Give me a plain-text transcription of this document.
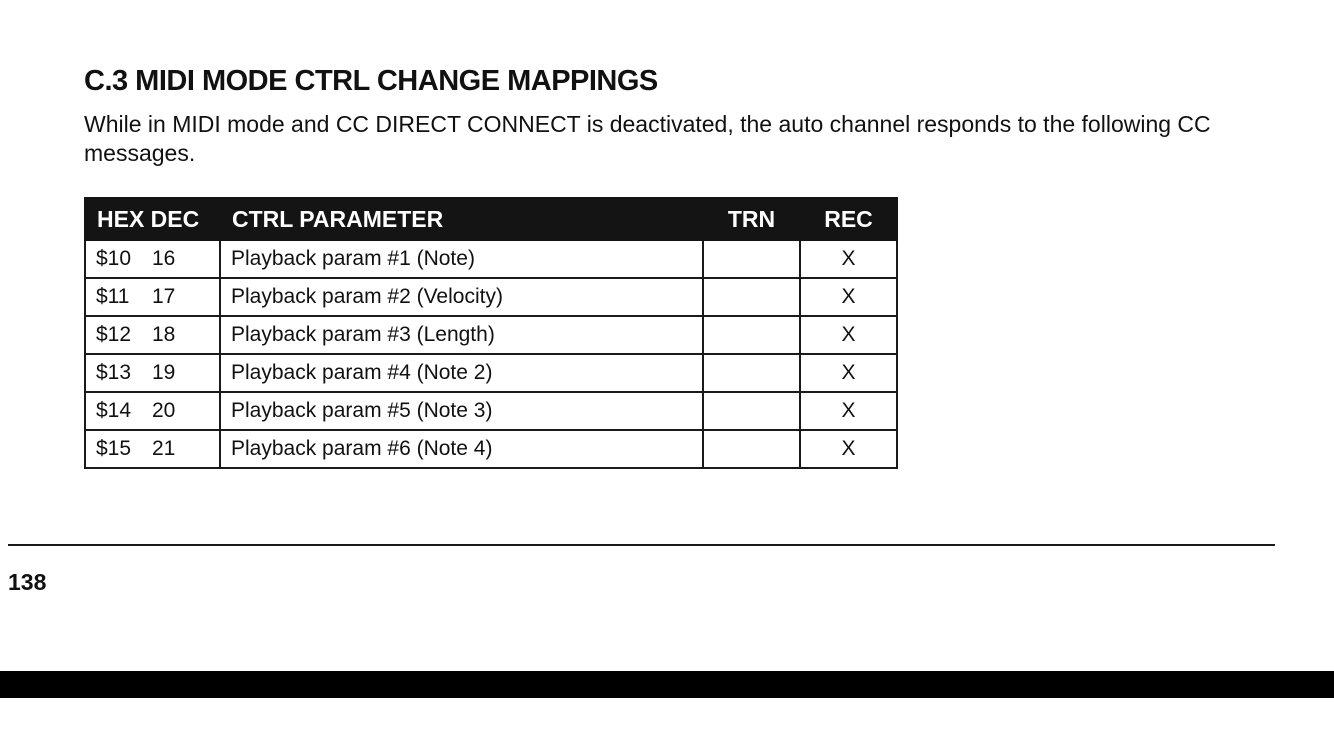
C.3 MIDI MODE CTRL CHANGE MAPPINGS

While in MIDI mode and CC DIRECT CONNECT is deactivated, the auto channel responds to the following CC messages.

HEX DEC	CTRL PARAMETER	TRN	REC
$10 16	Playback param #1 (Note)		X
$11 17	Playback param #2 (Velocity)		X
$12 18	Playback param #3 (Length)		X
$13 19	Playback param #4 (Note 2)		X
$14 20	Playback param #5 (Note 3)		X
$15 21	Playback param #6 (Note 4)		X
138
